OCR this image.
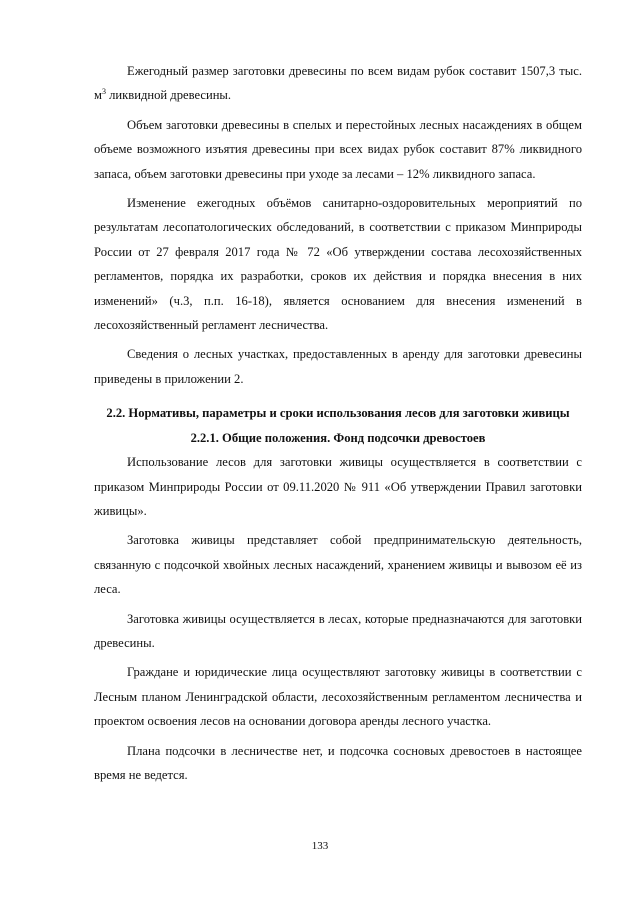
Ежегодный размер заготовки древесины по всем видам рубок составит 1507,3 тыс. $м^3$ ликвидной древесины.

Объем заготовки древесины в спелых и перестойных лесных насаждениях в общем объеме возможного изъятия древесины при всех видах рубок составит 87% ликвидного запаса, объем заготовки древесины при уходе за лесами – 12% ликвидного запаса.

Изменение ежегодных объёмов санитарно-оздоровительных мероприятий по результатам лесопатологических обследований, в соответствии с приказом Минприроды России от 27 февраля 2017 года № 72 «Об утверждении состава лесохозяйственных регламентов, порядка их разработки, сроков их действия и порядка внесения в них изменений» (ч.3, п.п. 16-18), является основанием для внесения изменений в лесохозяйственный регламент лесничества.

Сведения о лесных участках, предоставленных в аренду для заготовки древесины приведены в приложении 2.

2.2. Нормативы, параметры и сроки использования лесов для заготовки живицы

2.2.1. Общие положения. Фонд подсочки древостоев

Использование лесов для заготовки живицы осуществляется в соответствии с приказом Минприроды России от 09.11.2020 № 911 «Об утверждении Правил заготовки живицы».

Заготовка живицы представляет собой предпринимательскую деятельность, связанную с подсочкой хвойных лесных насаждений, хранением живицы и вывозом её из леса.

Заготовка живицы осуществляется в лесах, которые предназначаются для заготовки древесины.

Граждане и юридические лица осуществляют заготовку живицы в соответствии с Лесным планом Ленинградской области, лесохозяйственным регламентом лесничества и проектом освоения лесов на основании договора аренды лесного участка.

Плана подсочки в лесничестве нет, и подсочка сосновых древостоев в настоящее время не ведется.

133
